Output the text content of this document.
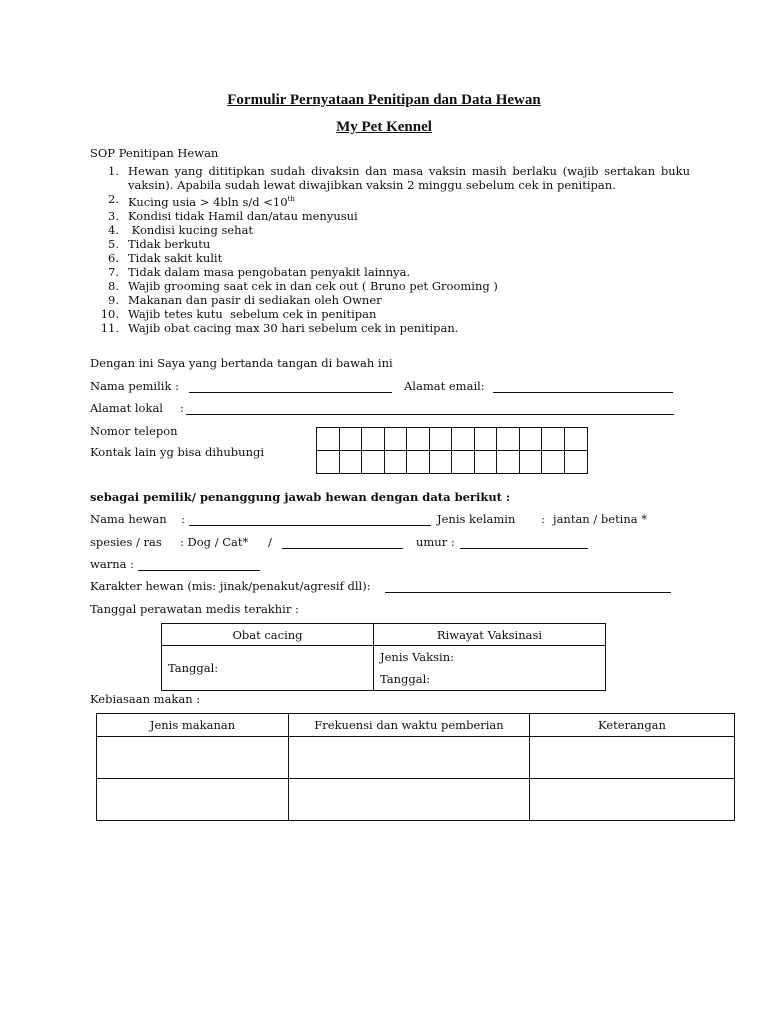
Formulir Pernyataan Penitipan dan Data Hewan
My Pet Kennel
SOP Penitipan Hewan
1. Hewan yang dititipkan sudah divaksin dan masa vaksin masih berlaku (wajib sertakan buku vaksin). Apabila sudah lewat diwajibkan vaksin 2 minggu sebelum cek in penitipan.
2. Kucing usia > 4bln s/d <10th
3. Kondisi tidak Hamil dan/atau menyusui
4. Kondisi kucing sehat
5. Tidak berkutu
6. Tidak sakit kulit
7. Tidak dalam masa pengobatan penyakit lainnya.
8. Wajib grooming saat cek in dan cek out ( Bruno pet Grooming )
9. Makanan dan pasir di sediakan oleh Owner
10. Wajib tetes kutu  sebelum cek in penitipan
11. Wajib obat cacing max 30 hari sebelum cek in penitipan.
Dengan ini Saya yang bertanda tangan di bawah ini
Nama pemilik :	Alamat email:
Alamat lokal :
Nomor telepon
Kontak lain yg bisa dihubungi
sebagai pemilik/ penanggung jawab hewan dengan data berikut :
Nama hewan :	Jenis kelamin : jantan / betina *
spesies / ras : Dog / Cat* /	umur :
warna :
Karakter hewan (mis: jinak/penakut/agresif dll):
Tanggal perawatan medis terakhir :
Obat cacing	Riwayat Vaksinasi
Tanggal:	Jenis Vaksin:
Tanggal:
Kebiasaan makan :
Jenis makanan	Frekuensi dan waktu pemberian	Keterangan
